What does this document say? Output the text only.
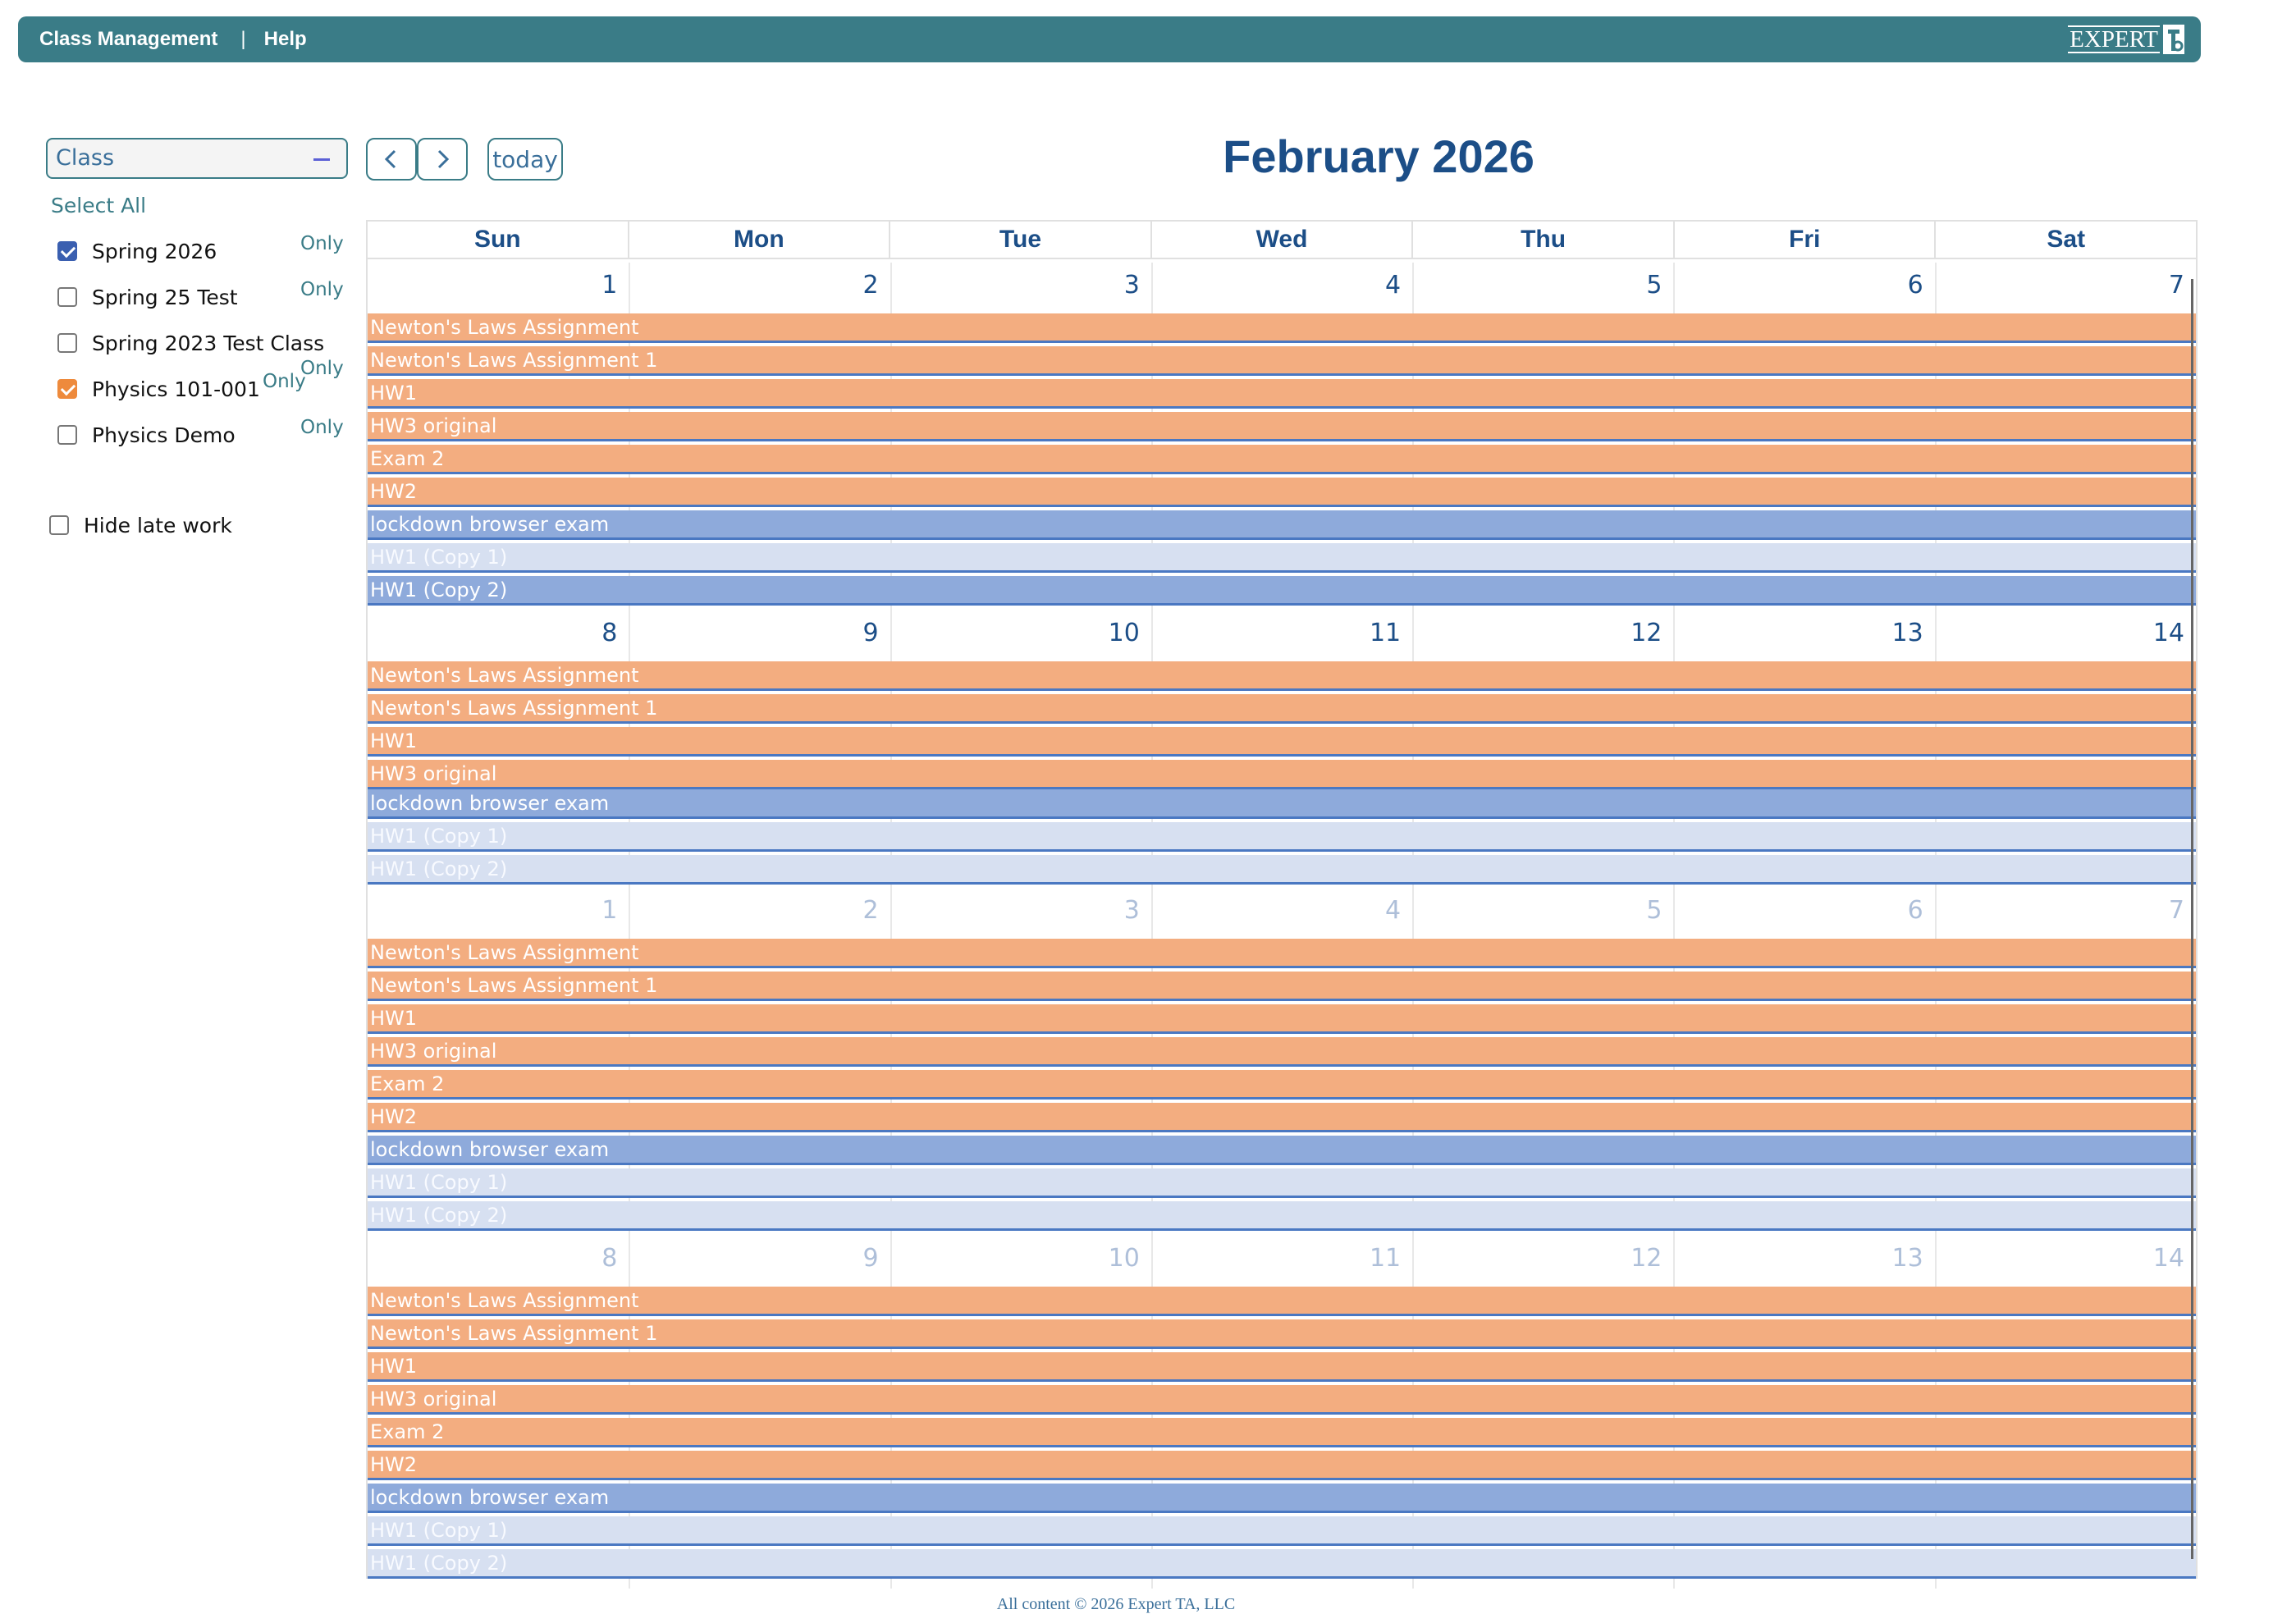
Class Management | Help	EXPERT
Class
Select All
Spring 2026	Only
Spring 25 Test	Only
Spring 2023 Test Class
Only
Physics 101-001 Only
Physics Demo	Only
Hide late work
today	February 2026
Sun	Mon	Tue	Wed	Thu	Fri	Sat
1	2	3	4	5	6	7
Newton's Laws Assignment
Newton's Laws Assignment 1
HW1
HW3 original
Exam 2
HW2
lockdown browser exam
HW1 (Copy 1)
HW1 (Copy 2)
8	9	10	11	12	13	14
Newton's Laws Assignment
Newton's Laws Assignment 1
HW1
HW3 original
lockdown browser exam
HW1 (Copy 1)
HW1 (Copy 2)
1	2	3	4	5	6	7
Newton's Laws Assignment
Newton's Laws Assignment 1
HW1
HW3 original
Exam 2
HW2
lockdown browser exam
HW1 (Copy 1)
HW1 (Copy 2)
8	9	10	11	12	13	14
Newton's Laws Assignment
Newton's Laws Assignment 1
HW1
HW3 original
Exam 2
HW2
lockdown browser exam
HW1 (Copy 1)
HW1 (Copy 2)
All content © 2026 Expert TA, LLC
